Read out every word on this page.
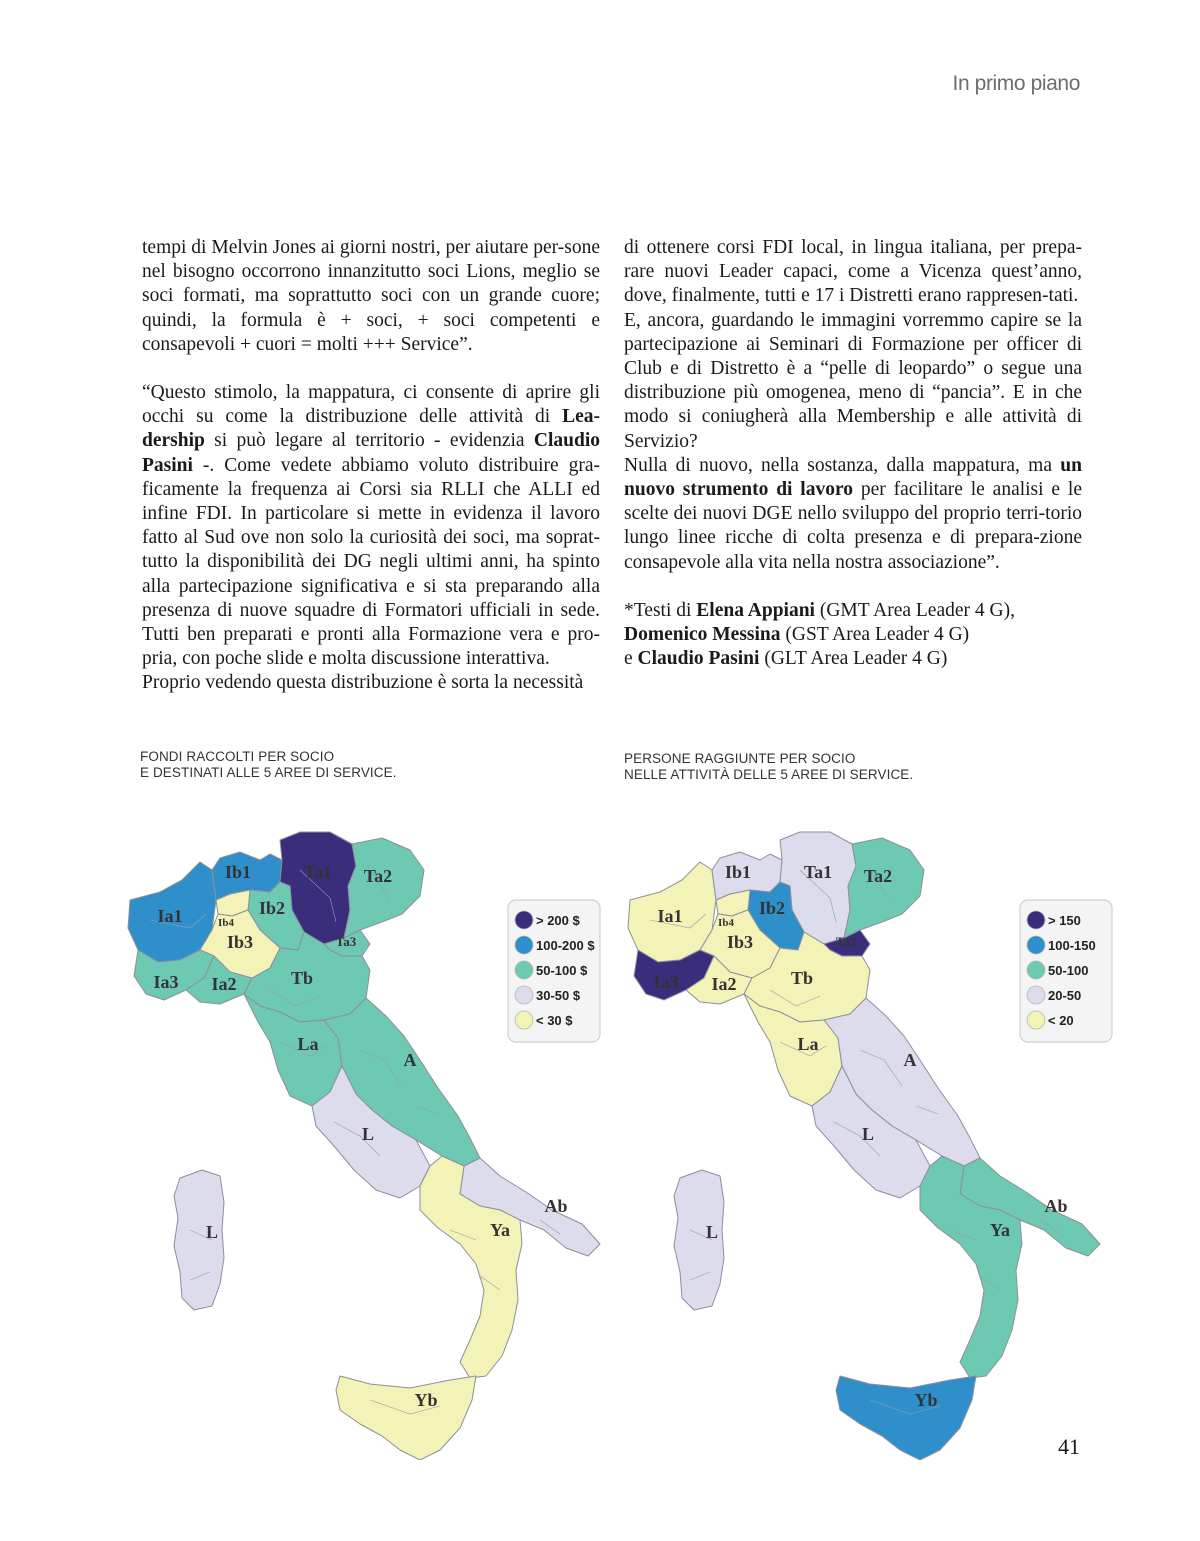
In primo piano

tempi di Melvin Jones ai giorni nostri, per aiutare per-sone nel bisogno occorrono innanzitutto soci Lions, meglio se soci formati, ma soprattutto soci con un grande cuore; quindi, la formula è + soci, + soci competenti e consapevoli + cuori = molti +++ Service”.

“Questo stimolo, la mappatura, ci consente di aprire gli occhi su come la distribuzione delle attività di Lea-dership si può legare al territorio - evidenzia Claudio Pasini -. Come vedete abbiamo voluto distribuire gra-ficamente la frequenza ai Corsi sia RLLI che ALLI ed infine FDI. In particolare si mette in evidenza il lavoro fatto al Sud ove non solo la curiosità dei soci, ma soprat-tutto la disponibilità dei DG negli ultimi anni, ha spinto alla partecipazione significativa e si sta preparando alla presenza di nuove squadre di Formatori ufficiali in sede. Tutti ben preparati e pronti alla Formazione vera e pro-pria, con poche slide e molta discussione interattiva.

Proprio vedendo questa distribuzione è sorta la necessità

di ottenere corsi FDI local, in lingua italiana, per prepa-rare nuovi Leader capaci, come a Vicenza quest’anno, dove, finalmente, tutti e 17 i Distretti erano rappresen-tati.

E, ancora, guardando le immagini vorremmo capire se la partecipazione ai Seminari di Formazione per officer di Club e di Distretto è a “pelle di leopardo” o segue una distribuzione più omogenea, meno di “pancia”. E in che modo si coniugherà alla Membership e alle attività di Servizio?

Nulla di nuovo, nella sostanza, dalla mappatura, ma un nuovo strumento di lavoro per facilitare le analisi e le scelte dei nuovi DGE nello sviluppo del proprio terri-torio lungo linee ricche di colta presenza e di prepara-zione consapevole alla vita nella nostra associazione”.

*Testi di Elena Appiani (GMT Area Leader 4 G),

Domenico Messina (GST Area Leader 4 G)

e Claudio Pasini (GLT Area Leader 4 G)

FONDI RACCOLTI PER SOCIO
E DESTINATI ALLE 5 AREE DI SERVICE.
PERSONE RAGGIUNTE PER SOCIO
NELLE ATTIVITÀ DELLE 5 AREE DI SERVICE.
Ia1
Ib1	Ta1 Ta2
Ib2
Ib4
Ib3	Ta3
Ia3 Ia2	Tb
La
A
L
L
Ab
Ya
Yb
> 200 $
100-200 $
50-100 $
30-50 $
< 30 $
Ia1
Ib1	Ta1 Ta2
Ib2
Ib4
Ib3	Ta3
Ia3 Ia2	Tb
La
A
L
L
Ab
Ya
Yb
> 150
100-150
50-100
20-50
< 20
41
